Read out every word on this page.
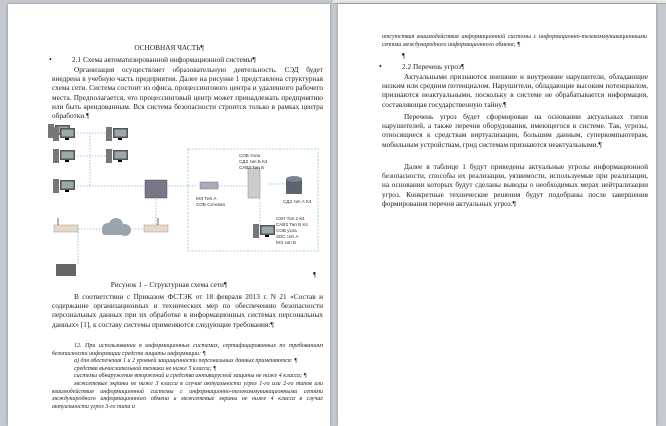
ОСНОВНАЯ ЧАСТЬ¶
•	2.1 Схема автоматизированной информационной системы¶
Организация осуществляет образовательную деятельность. СЭД будет внедрена в учебную часть предприятия. Далее на рисунке 1 представлена структурная схема сети. Система состоит из офиса, процессингового центра и удаленного рабочего места. Предполагается, что процессинговый центр может принадлежать предприятию или быть арендованным. Вся система безопасности строится только в рамках центра обработки.¶
СОВ Узла
СДЗ тип Б К4
САВЗ Тип Б
МЭ Тип А
СОВ Сетевая
СДЗ тип А К4
СКН Тип 2 К4
САВЗ Тип В К4
СОВ узла
ЗОС тип А
МЭ тип В
¶
Рисунок 1 – Структурная схема сети¶
В соответствии с Приказом ФСТЭК от 18 февраля 2013 г. N 21 «Состав и содержание организационных и технических мер по обеспечению безопасности персональных данных при их обработке в информационных системах персональных данных» [1], к составу системы применяются следующие требования:¶
12. При использовании в информационных системах, сертифицированных по требованиям безопасности информации средств защиты информации: ¶
а) для обеспечения 1 и 2 уровней защищенности персональных данных применяются: ¶
средства вычислительной техники не ниже 5 класса; ¶
системы обнаружения вторжений и средства антивирусной защиты не ниже 4 класса; ¶
межсетевые экраны не ниже 3 класса в случае актуальности угроз 1-го или 2-го типов или взаимодействия информационной системы с информационно-телекоммуникационными сетями международного информационного обмена и межсетевые экраны не ниже 4 класса в случае актуальности угроз 3-го типа и
отсутствия взаимодействия информационной системы с информационно-телекоммуникационными сетями международного информационного обмена; ¶
¶
•	2.2 Перечень угроз¶
Актуальными признаются внешние и внутренние нарушители, обладающие низким или средним потенциалом. Нарушители, обладающие высоким потенциалом, признаются неактуальными, поскольку в системе не обрабатывается информация, составляющая государственную тайну.¶
Перечень угроз будет сформирован на основании актуальных типов нарушителей, а также перечня оборудования, имеющегося в системе. Так, угрозы, относящиеся к средствам виртуализации, большим данным, суперкомпьютерам, мобильным устройствам, грид системам признаются неактуальными.¶
Далее в таблице 1 будут приведены актуальные угрозы информационной безопасности, способы их реализации, уязвимости, используемые при реализации, на основании которых будут сделаны выводы о необходимых мерах нейтрализации угроз. Конкретные технические решения будут подобраны после завершения формирования перечня актуальных угроз.¶
